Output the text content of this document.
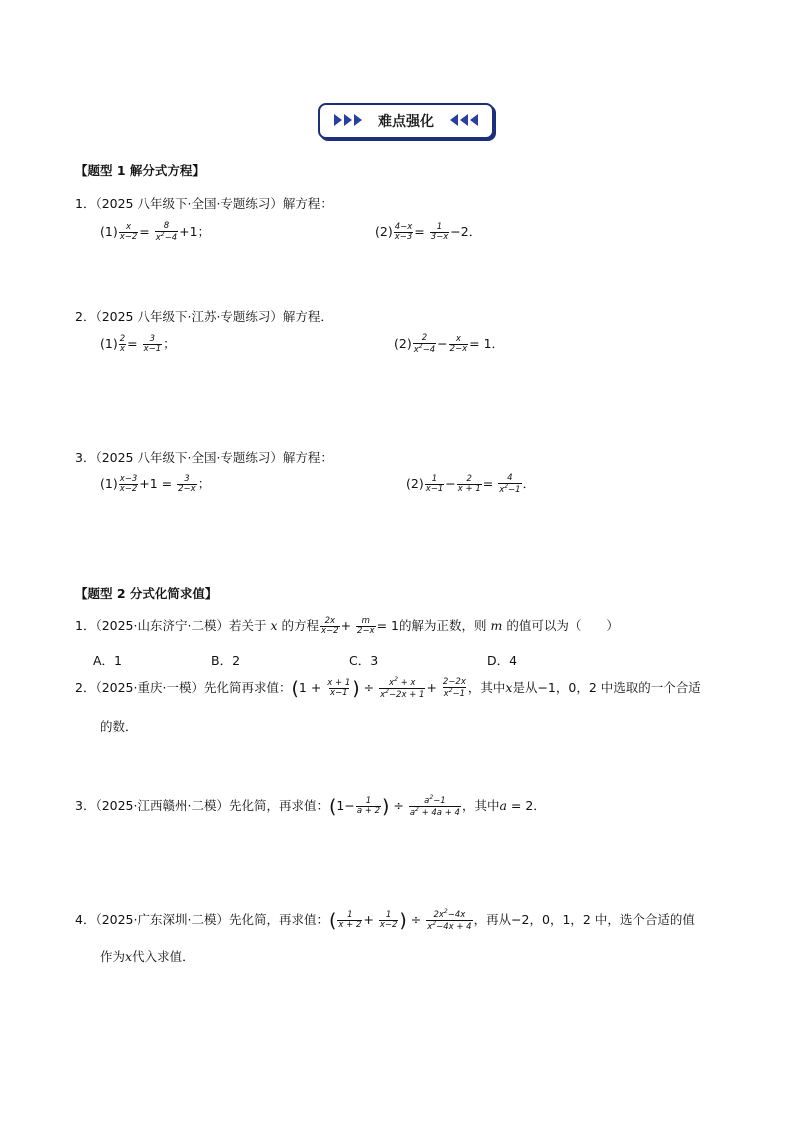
难点强化
【题型 1 解分式方程】
1．（2025 八年级下·全国·专题练习）解方程：
$(1) \frac{x}{x-2} = \frac{8}{x^2-4} +1$；	$(2) \frac{4-x}{x-3} = \frac{1}{3-x} -2$．
2．（2025 八年级下·江苏·专题练习）解方程．
$(1) \frac{2}{x} = \frac{3}{x-1}$ ；	$(2) \frac{2}{x^2-4} - \frac{x}{2-x} = 1$．
3．（2025 八年级下·全国·专题练习）解方程：
$(1) \frac{x-3}{x-2} +1 = \frac{3}{2-x}$ ；	$(2) \frac{1}{x-1} - \frac{2}{x + 1} = \frac{4}{x^2-1}$ ．
【题型 2 分式化简求值】
1．（2025·山东济宁·二模）若关于 x 的方程 $\frac{2x}{x-2} + \frac{m}{2-x} = 1$的解为正数，则 m 的值可以为（　　）
A．1	B．2	C．3	D．4
2．（2025·重庆·一模）先化简再求值：($1 + \frac{x + 1}{x-1}$ ) ÷ $\frac{x^2 + x}{x^2-2x + 1} + \frac{2-2x}{x^2-1}$ ，其中x是从−1，0，2 中选取的一个合适
的数．
3．（2025·江西赣州·二模）先化简，再求值：($1- \frac{1}{a + 2}$ ) ÷ $\frac{a^2-1}{a^2 + 4a + 4}$ ，其中a = 2．
4．（2025·广东深圳·二模）先化简，再求值：( $\frac{1}{x + 2} + \frac{1}{x-2}$ ) ÷ $\frac{2x^2-4x}{x^2-4x + 4}$ ，再从−2，0，1，2 中，选个合适的值
作为x代入求值．
